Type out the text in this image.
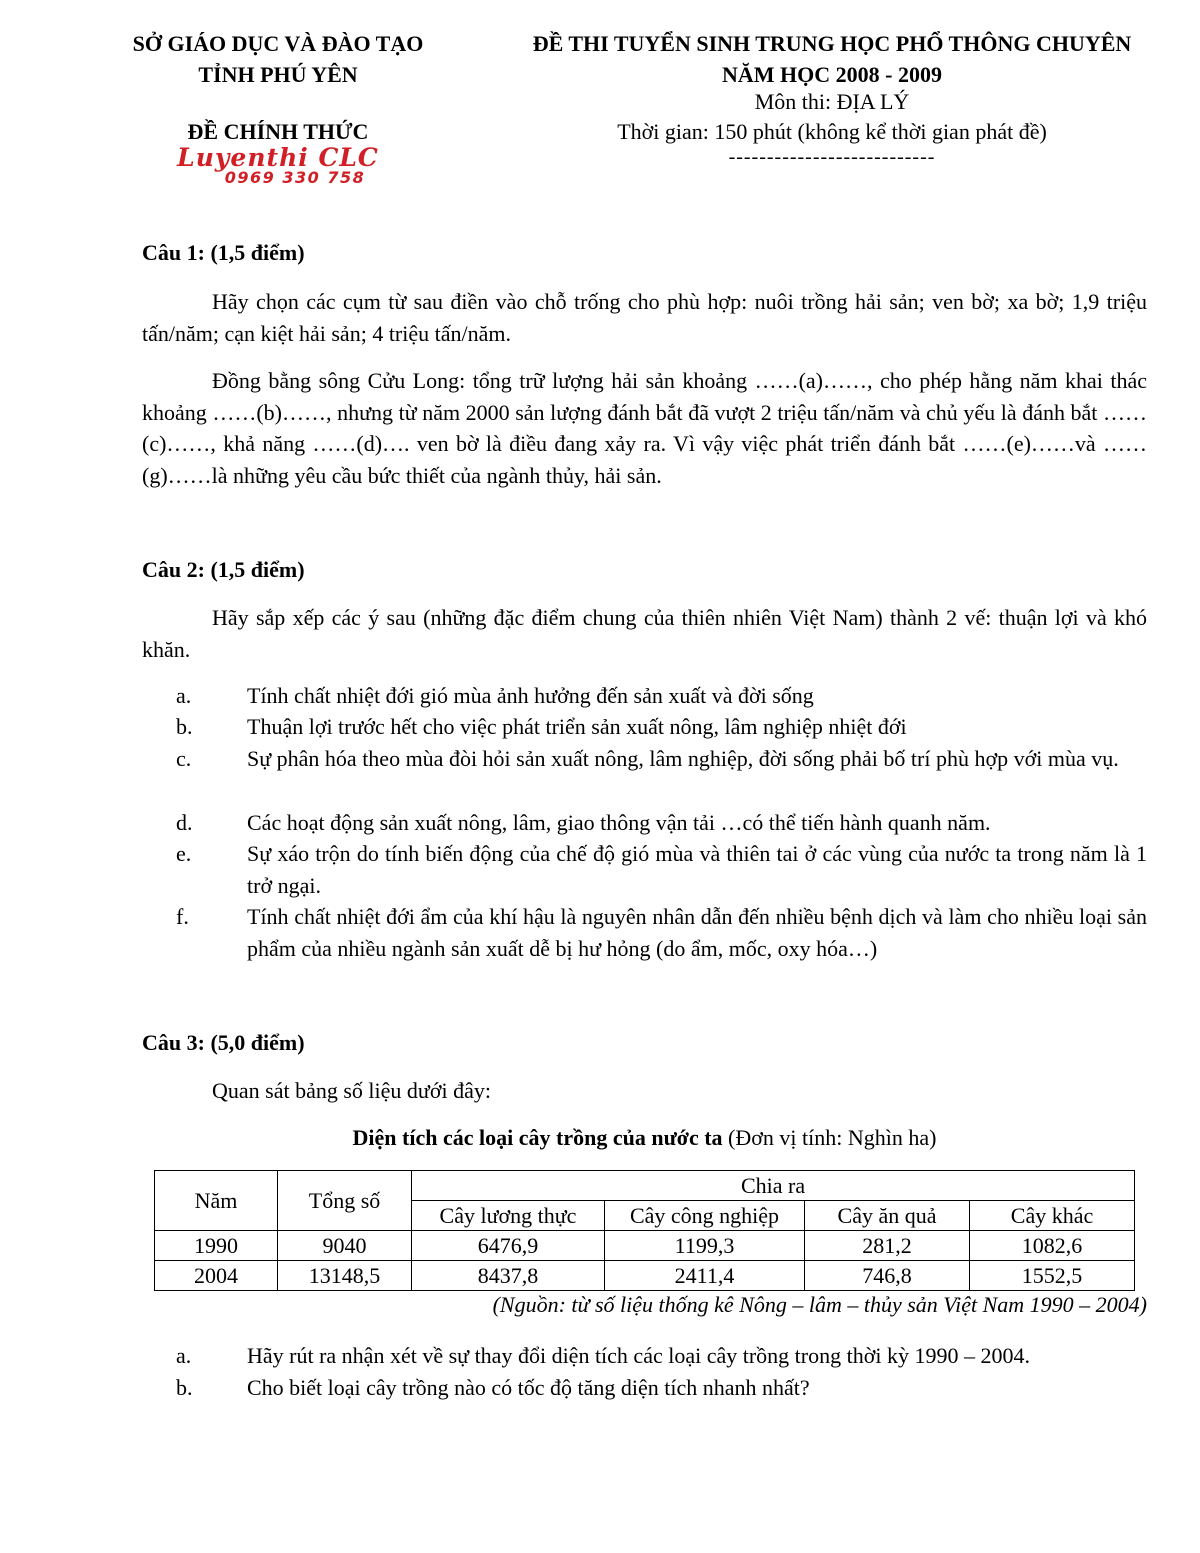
SỞ GIÁO DỤC VÀ ĐÀO TẠO
TỈNH PHÚ YÊN
ĐỀ CHÍNH THỨC
Luyenthi CLC
0969 330 758
ĐỀ THI TUYỂN SINH TRUNG HỌC PHỔ THÔNG CHUYÊN
NĂM HỌC 2008 - 2009
Môn thi: ĐỊA LÝ
Thời gian: 150 phút (không kể thời gian phát đề)
---------------------------
Câu 1: (1,5 điểm)
Hãy chọn các cụm từ sau điền vào chỗ trống cho phù hợp: nuôi trồng hải sản; ven bờ; xa bờ; 1,9 triệu tấn/năm; cạn kiệt hải sản; 4 triệu tấn/năm.
Đồng bằng sông Cửu Long: tổng trữ lượng hải sản khoảng ……(a)……, cho phép hằng năm khai thác khoảng ……(b)……, nhưng từ năm 2000 sản lượng đánh bắt đã vượt 2 triệu tấn/năm và chủ yếu là đánh bắt ……(c)……, khả năng ……(d)…. ven bờ là điều đang xảy ra. Vì vậy việc phát triển đánh bắt ……(e)……và ……(g)……là những yêu cầu bức thiết của ngành thủy, hải sản.
Câu 2: (1,5 điểm)
Hãy sắp xếp các ý sau (những đặc điểm chung của thiên nhiên Việt Nam) thành 2 vế: thuận lợi và khó khăn.
a.	Tính chất nhiệt đới gió mùa ảnh hưởng đến sản xuất và đời sống
b. Thuận lợi trước hết cho việc phát triển sản xuất nông, lâm nghiệp nhiệt đới
c.	Sự phân hóa theo mùa đòi hỏi sản xuất nông, lâm nghiệp, đời sống phải bố trí phù hợp với mùa vụ.
d. Các hoạt động sản xuất nông, lâm, giao thông vận tải …có thể tiến hành quanh năm.
e.	Sự xáo trộn do tính biến động của chế độ gió mùa và thiên tai ở các vùng của nước ta trong năm là 1 trở ngại.
f.	Tính chất nhiệt đới ẩm của khí hậu là nguyên nhân dẫn đến nhiều bệnh dịch và làm cho nhiều loại sản phẩm của nhiều ngành sản xuất dễ bị hư hỏng (do ẩm, mốc, oxy hóa…)
Câu 3: (5,0 điểm)
Quan sát bảng số liệu dưới đây:
Diện tích các loại cây trồng của nước ta (Đơn vị tính: Nghìn ha)
Năm	Tổng số	Chia ra			
		Cây lương thực	Cây công nghiệp	Cây ăn quả	Cây khác
1990	9040	6476,9	1199,3	281,2	1082,6
2004	13148,5	8437,8	2411,4	746,8	1552,5
(Nguồn: từ số liệu thống kê Nông – lâm – thủy sản Việt Nam 1990 – 2004)
a.	Hãy rút ra nhận xét về sự thay đổi diện tích các loại cây trồng trong thời kỳ 1990 – 2004.
b. Cho biết loại cây trồng nào có tốc độ tăng diện tích nhanh nhất?
